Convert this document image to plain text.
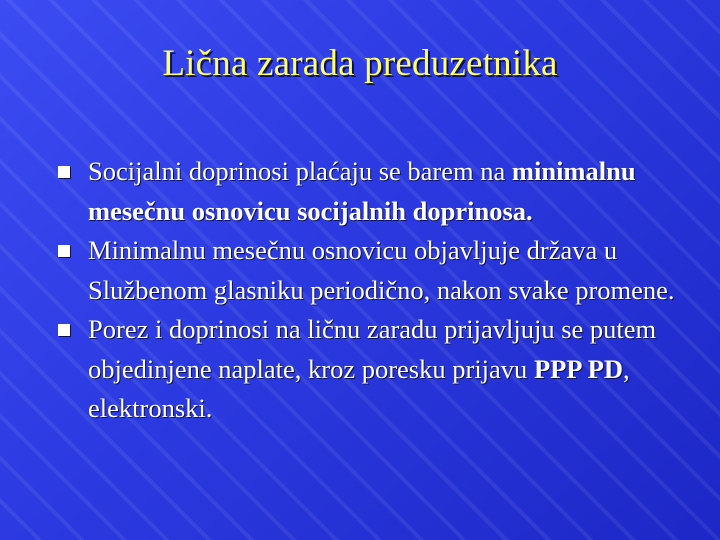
Lična zarada preduzetnika
Socijalni doprinosi plaćaju se barem na minimalnu mesečnu osnovicu socijalnih doprinosa.
Minimalnu mesečnu osnovicu objavljuje država u Službenom glasniku periodično, nakon svake promene.
Porez i doprinosi na ličnu zaradu prijavljuju se putem objedinjene naplate, kroz poresku prijavu PPP PD, elektronski.
